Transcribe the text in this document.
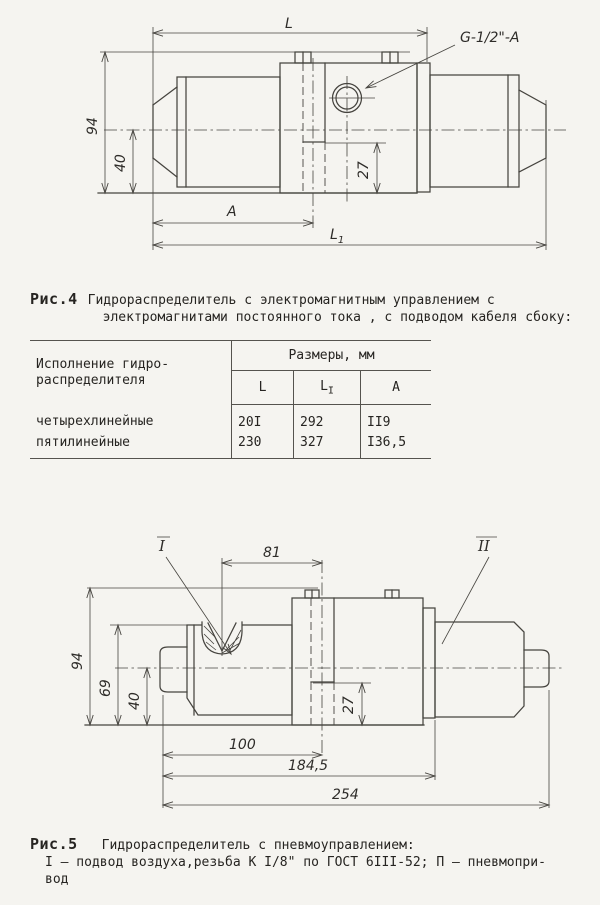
L
94
40	27
A
$L_1$
G-1/2"-A
Рис.4 Гидрораспределитель с электромагнитным управлением с
электромагнитами постоянного тока , с подводом кабеля сбоку:
Исполнение гидро-
распределителя	Размеры, мм		
	L	$L_I$	A
четырехлинейные	20I	292	II9
пятилинейные	230	327	I36,5
81
94
69
40	27
100
184,5
254
I	II
Рис.5 Гидрораспределитель с пневмоуправлением:
I – подвод воздуха,резьба К I/8" по ГОСТ 6III-52; П – пневмопри-
вод
